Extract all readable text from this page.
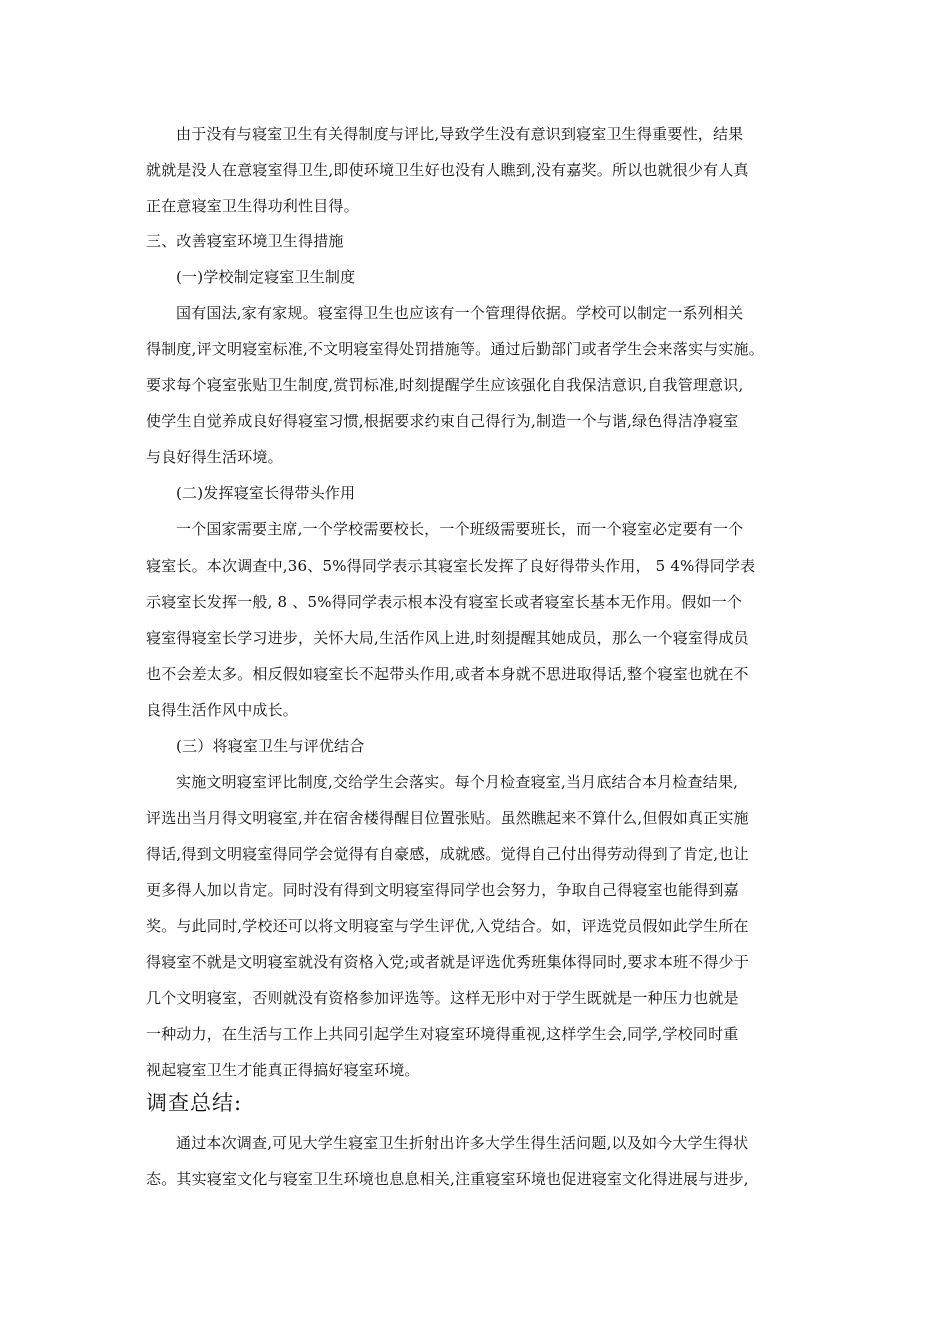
由于没有与寝室卫生有关得制度与评比,导致学生没有意识到寝室卫生得重要性，结果
就就是没人在意寝室得卫生,即使环境卫生好也没有人瞧到,没有嘉奖。所以也就很少有人真
正在意寝室卫生得功利性目得。
三、改善寝室环境卫生得措施
(一)学校制定寝室卫生制度
国有国法,家有家规。寝室得卫生也应该有一个管理得依据。学校可以制定一系列相关
得制度,评文明寝室标准,不文明寝室得处罚措施等。通过后勤部门或者学生会来落实与实施。
要求每个寝室张贴卫生制度,赏罚标准,时刻提醒学生应该强化自我保洁意识,自我管理意识,
使学生自觉养成良好得寝室习惯,根据要求约束自己得行为,制造一个与谐,绿色得洁净寝室
与良好得生活环境。
(二)发挥寝室长得带头作用
一个国家需要主席,一个学校需要校长，一个班级需要班长，而一个寝室必定要有一个
寝室长。本次调查中,36、5%得同学表示其寝室长发挥了良好得带头作用， 5 4%得同学表
示寝室长发挥一般, 8 、5%得同学表示根本没有寝室长或者寝室长基本无作用。假如一个
寝室得寝室长学习进步，关怀大局,生活作风上进,时刻提醒其她成员，那么一个寝室得成员
也不会差太多。相反假如寝室长不起带头作用,或者本身就不思进取得话,整个寝室也就在不
良得生活作风中成长。
(三）将寝室卫生与评优结合
实施文明寝室评比制度,交给学生会落实。每个月检查寝室,当月底结合本月检查结果,
评选出当月得文明寝室,并在宿舍楼得醒目位置张贴。虽然瞧起来不算什么,但假如真正实施
得话,得到文明寝室得同学会觉得有自豪感，成就感。觉得自己付出得劳动得到了肯定,也让
更多得人加以肯定。同时没有得到文明寝室得同学也会努力，争取自己得寝室也能得到嘉
奖。与此同时,学校还可以将文明寝室与学生评优,入党结合。如，评选党员假如此学生所在
得寝室不就是文明寝室就没有资格入党;或者就是评选优秀班集体得同时,要求本班不得少于
几个文明寝室，否则就没有资格参加评选等。这样无形中对于学生既就是一种压力也就是
一种动力，在生活与工作上共同引起学生对寝室环境得重视,这样学生会,同学,学校同时重
视起寝室卫生才能真正得搞好寝室环境。
调查总结:
通过本次调查,可见大学生寝室卫生折射出许多大学生得生活问题,以及如今大学生得状
态。其实寝室文化与寝室卫生环境也息息相关,注重寝室环境也促进寝室文化得进展与进步,
